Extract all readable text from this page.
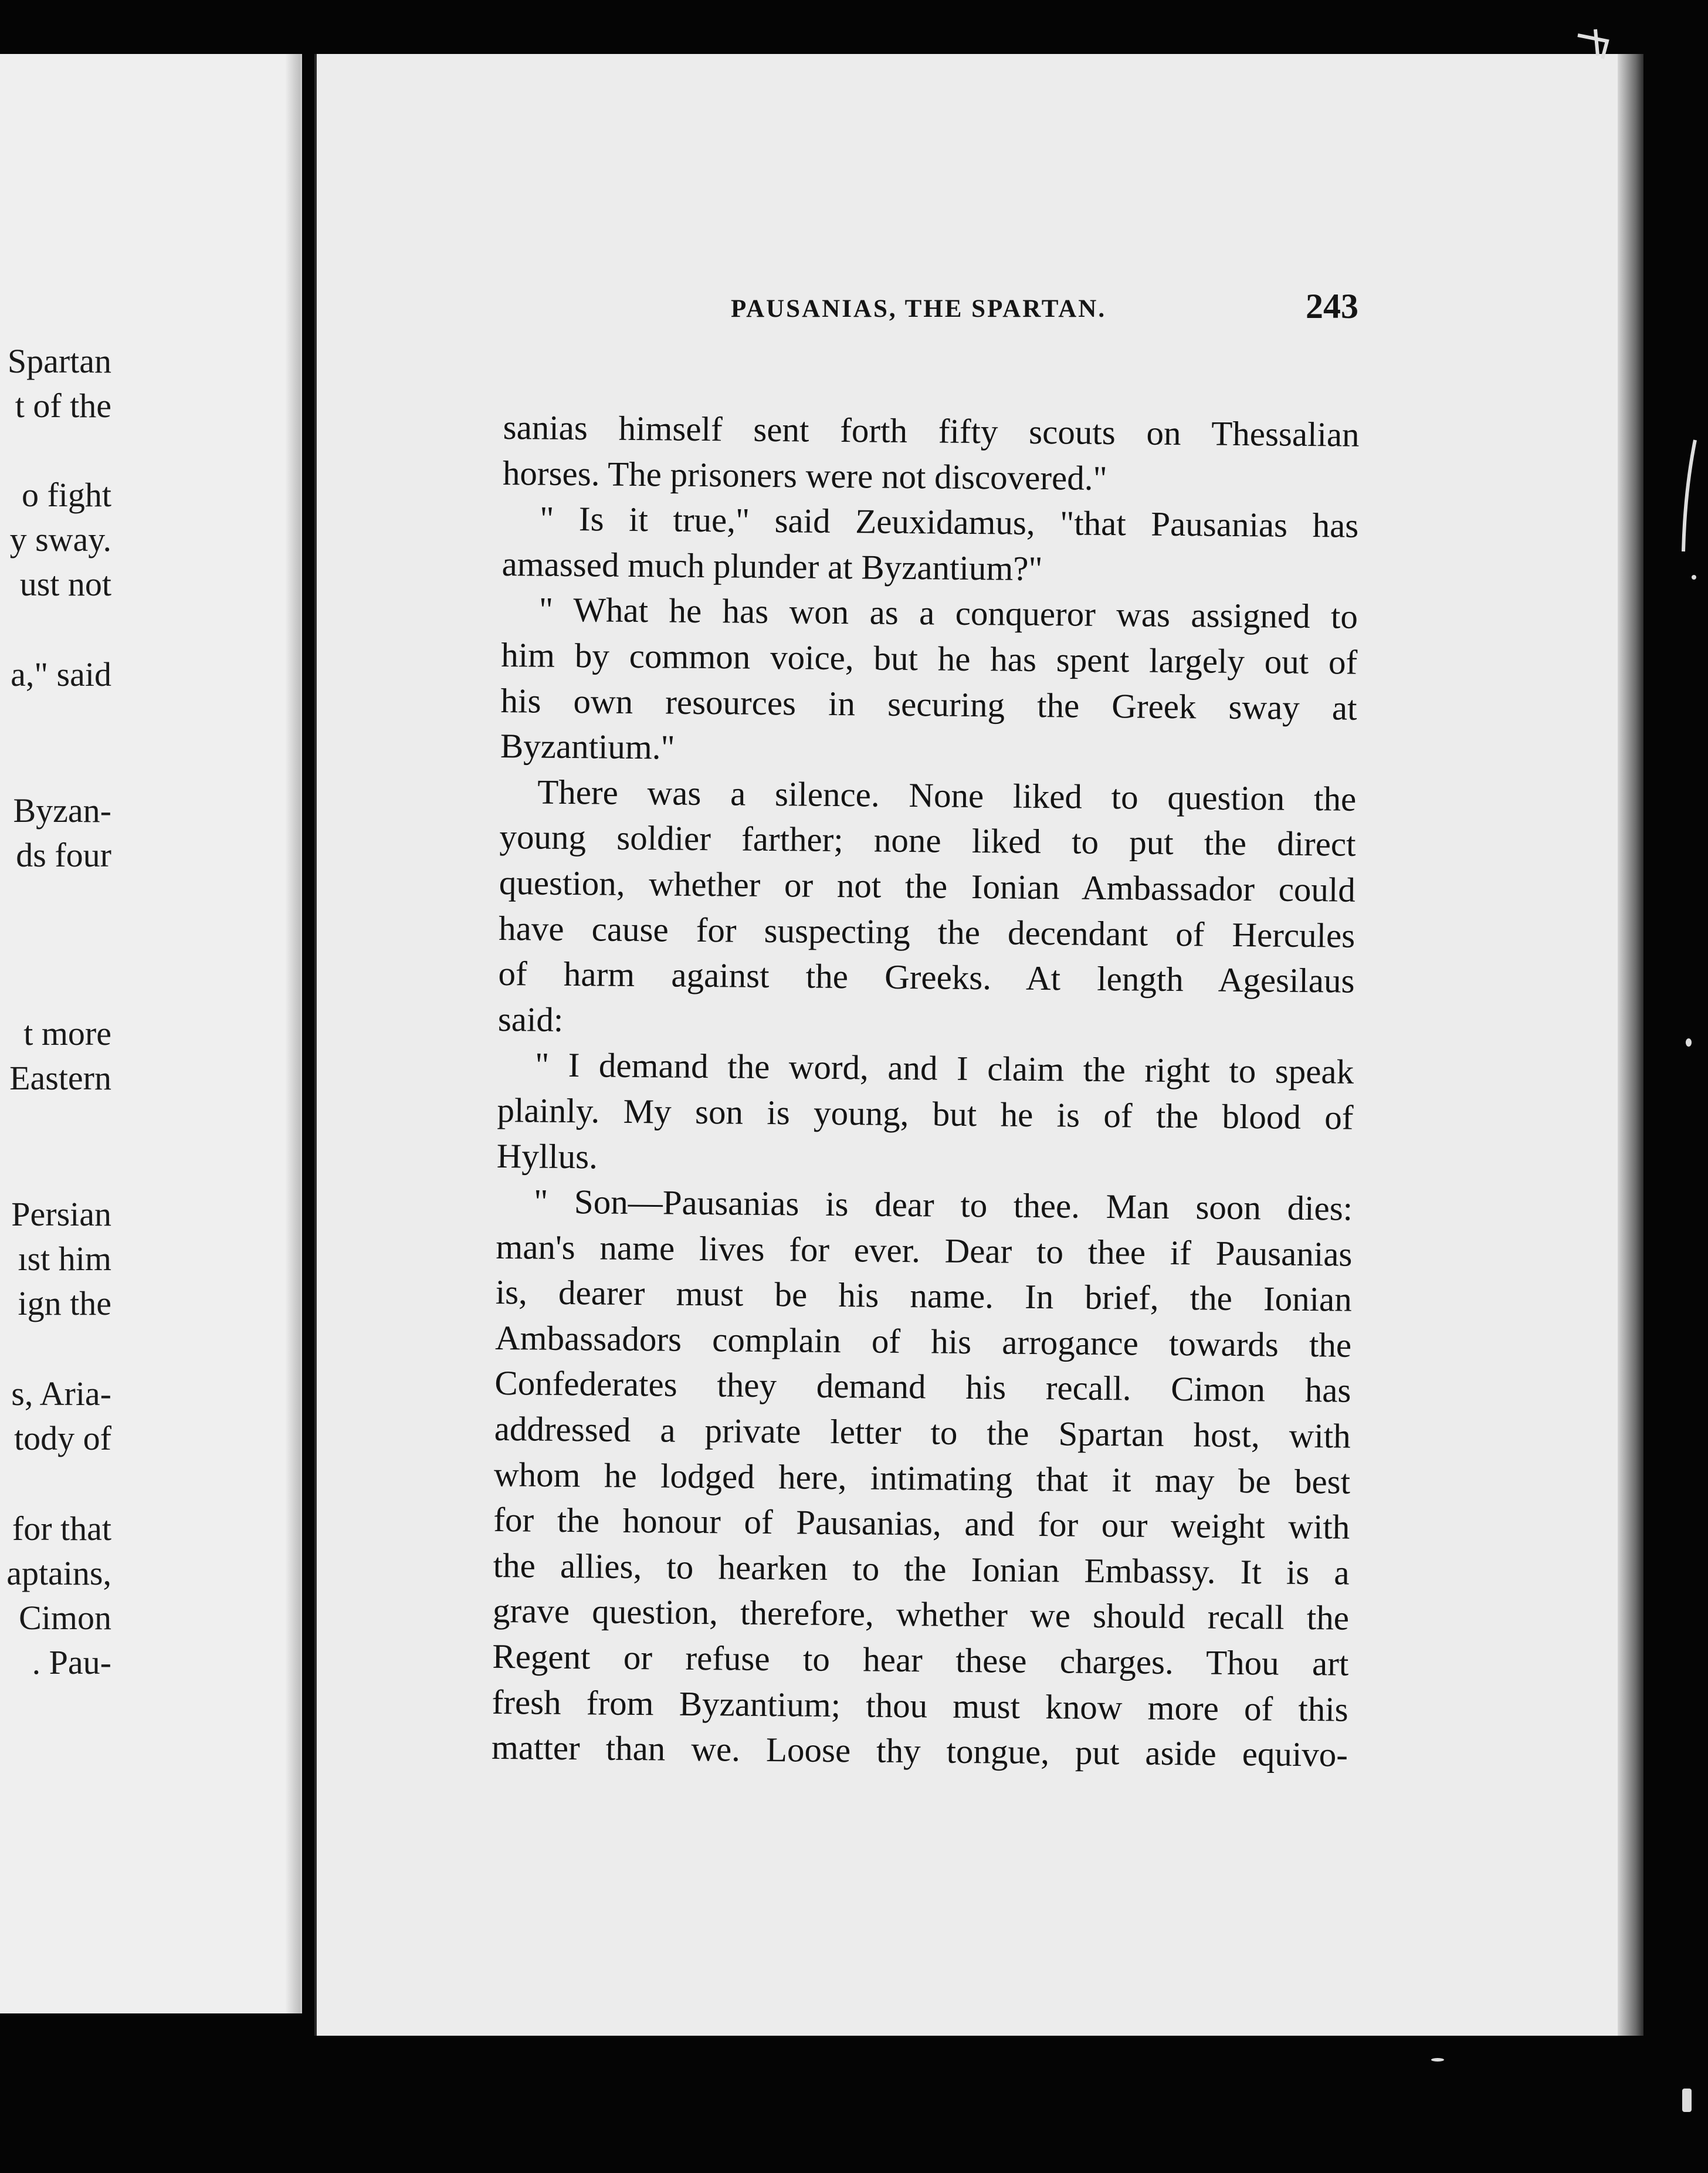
Spartan
t of the
o fight
y sway.
ust not
a," said
Byzan-
ds four
t more
Eastern
Persian
ıst him
ign the
s, Aria-
tody of
for that
aptains,
Cimon
. Pau-
PAUSANIAS, THE SPARTAN.	243
sanias himself sent forth fifty scouts on Thessalian
horses. The prisoners were not discovered."
" Is it true," said Zeuxidamus, "that Pausanias has
amassed much plunder at Byzantium?"
" What he has won as a conqueror was assigned to
him by common voice, but he has spent largely out of
his own resources in securing the Greek sway at
Byzantium."
There was a silence. None liked to question the
young soldier farther; none liked to put the direct
question, whether or not the Ionian Ambassador could
have cause for suspecting the decendant of Hercules
of harm against the Greeks. At length Agesilaus
said:
" I demand the word, and I claim the right to speak
plainly. My son is young, but he is of the blood of
Hyllus.
" Son—Pausanias is dear to thee. Man soon dies:
man's name lives for ever. Dear to thee if Pausanias
is, dearer must be his name. In brief, the Ionian
Ambassadors complain of his arrogance towards the
Confederates they demand his recall. Cimon has
addressed a private letter to the Spartan host, with
whom he lodged here, intimating that it may be best
for the honour of Pausanias, and for our weight with
the allies, to hearken to the Ionian Embassy. It is a
grave question, therefore, whether we should recall the
Regent or refuse to hear these charges. Thou art
fresh from Byzantium; thou must know more of this
matter than we. Loose thy tongue, put aside equivo-
